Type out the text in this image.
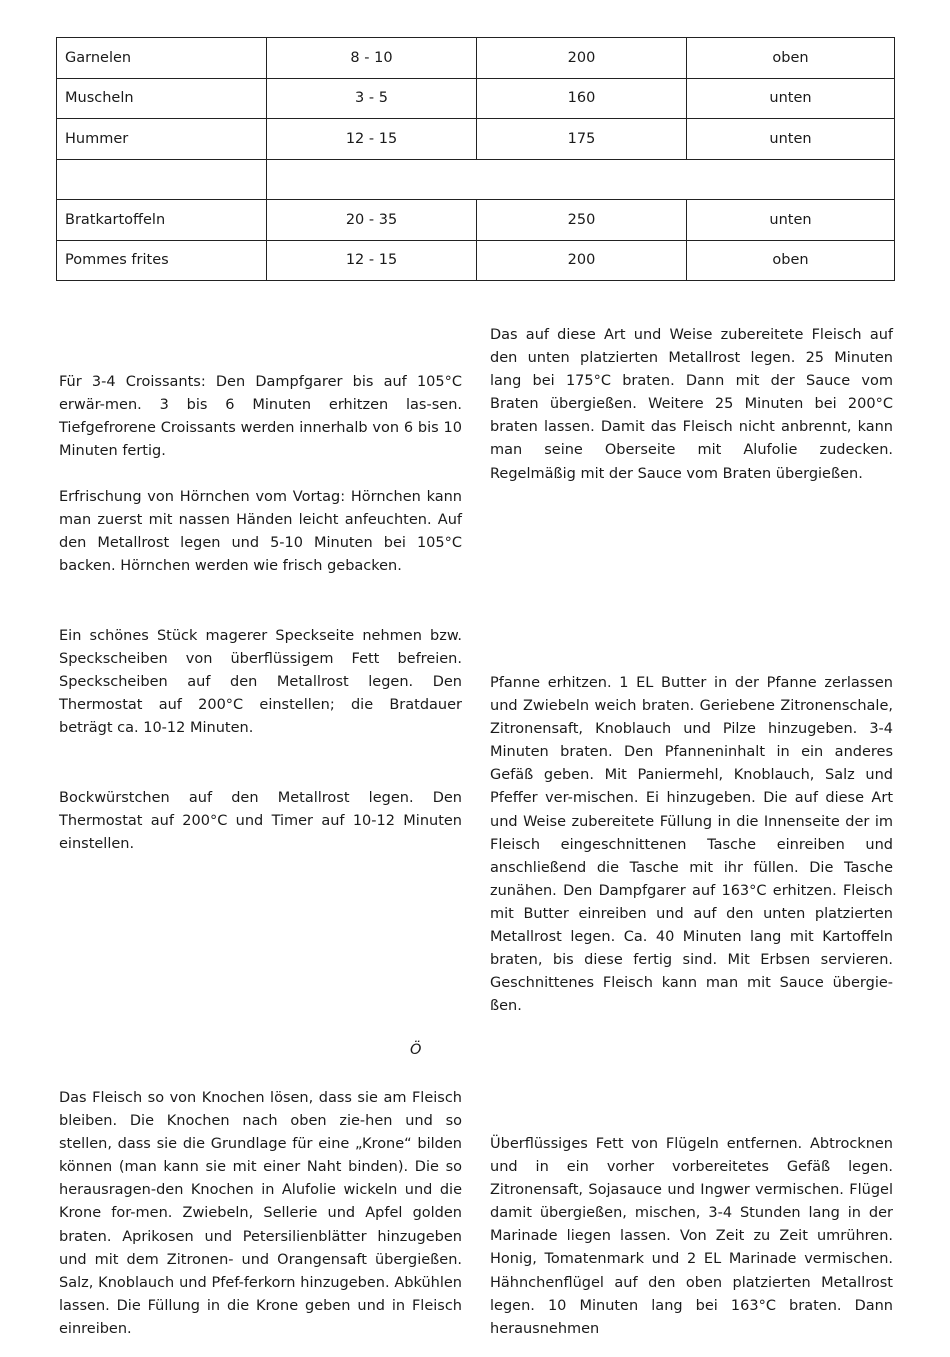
Garnelen	8 - 10	200	oben
Muscheln	3 - 5	160	unten
Hummer	12 - 15	175	unten

Bratkartoffeln	20 - 35	250	unten
Pommes frites	12 - 15	200	oben

Das auf diese Art und Weise zubereitete Fleisch auf den unten platzierten Metallrost legen. 25 Minuten lang bei 175°C braten. Dann mit der Sauce vom Braten übergießen. Weitere 25 Minuten bei 200°C braten lassen. Damit das Fleisch nicht anbrennt, kann man seine Oberseite mit Alufolie zudecken. Regelmäßig mit der Sauce vom Braten übergießen.

Für 3-4 Croissants: Den Dampfgarer bis auf 105°C erwär-men. 3 bis 6 Minuten erhitzen las-sen. Tiefgefrorene Croissants werden innerhalb von 6 bis 10 Minuten fertig.

Erfrischung von Hörnchen vom Vortag: Hörnchen kann man zuerst mit nassen Händen leicht anfeuchten. Auf den Metallrost legen und 5-10 Minuten bei 105°C backen. Hörnchen werden wie frisch gebacken.

Ein schönes Stück magerer Speckseite nehmen bzw. Speckscheiben von überflüssigem Fett befreien. Speckscheiben auf den Metallrost legen. Den Thermostat auf 200°C einstellen; die Bratdauer beträgt ca. 10-12 Minuten.

Pfanne erhitzen. 1 EL Butter in der Pfanne zerlassen und Zwiebeln weich braten. Geriebene Zitronenschale, Zitronensaft, Knoblauch und Pilze hinzugeben. 3-4 Minuten braten. Den Pfanneninhalt in ein anderes Gefäß geben. Mit Paniermehl, Knoblauch, Salz und Pfeffer ver-mischen. Ei hinzugeben. Die auf diese Art und Weise zubereitete Füllung in die Innenseite der im Fleisch eingeschnittenen Tasche einreiben und anschließend die Tasche mit ihr füllen. Die Tasche zunähen. Den Dampfgarer auf 163°C erhitzen. Fleisch mit Butter einreiben und auf den unten platzierten Metallrost legen. Ca. 40 Minuten lang mit Kartoffeln braten, bis diese fertig sind. Mit Erbsen servieren. Geschnittenes Fleisch kann man mit Sauce übergie-ßen.

Bockwürstchen auf den Metallrost legen. Den Thermostat auf 200°C und Timer auf 10-12 Minuten einstellen.

Ö

Das Fleisch so von Knochen lösen, dass sie am Fleisch bleiben. Die Knochen nach oben zie-hen und so stellen, dass sie die Grundlage für eine „Krone“ bilden können (man kann sie mit einer Naht binden). Die so herausragen-den Knochen in Alufolie wickeln und die Krone for-men. Zwiebeln, Sellerie und Apfel golden braten. Aprikosen und Petersilienblätter hinzugeben und mit dem Zitronen- und Orangensaft übergießen. Salz, Knoblauch und Pfef-ferkorn hinzugeben. Abkühlen lassen. Die Füllung in die Krone geben und in Fleisch einreiben.

Überflüssiges Fett von Flügeln entfernen. Abtrocknen und in ein vorher vorbereitetes Gefäß legen. Zitronensaft, Sojasauce und Ingwer vermischen. Flügel damit übergießen, mischen, 3-4 Stunden lang in der Marinade liegen lassen. Von Zeit zu Zeit umrühren. Honig, Tomatenmark und 2 EL Marinade vermischen. Hähnchenflügel auf den oben platzierten Metallrost legen. 10 Minuten lang bei 163°C braten. Dann herausnehmen
